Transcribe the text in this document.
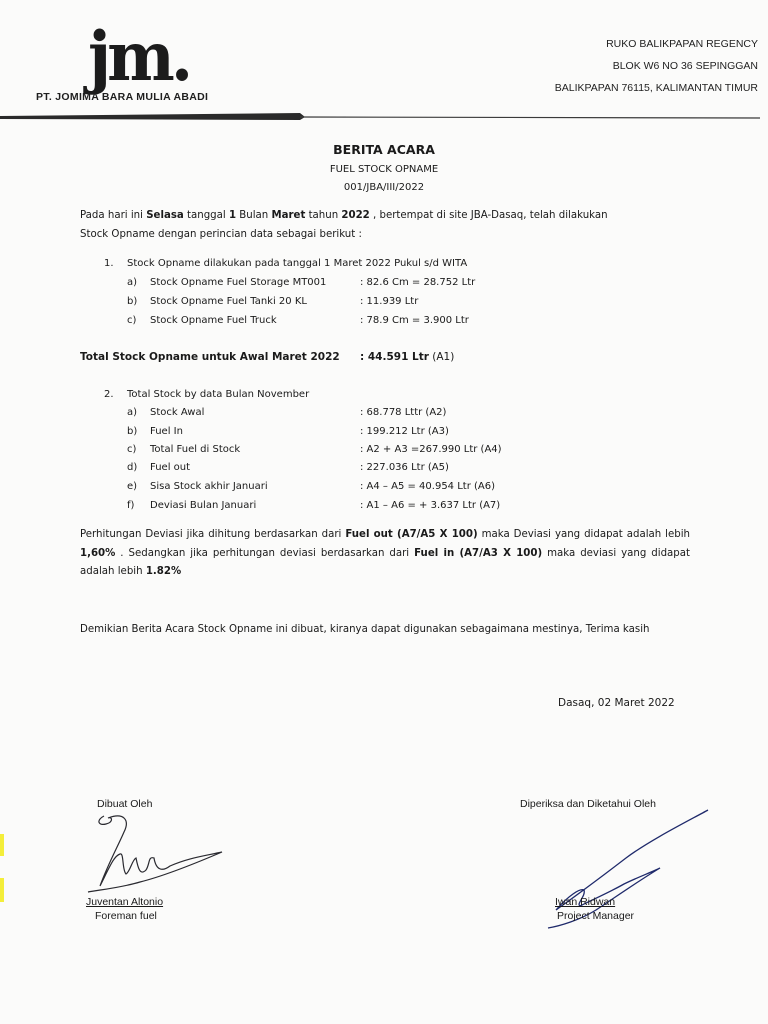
jm.
PT. JOMIMA BARA MULIA ABADI
RUKO BALIKPAPAN REGENCY
BLOK W6 NO 36 SEPINGGAN
BALIKPAPAN 76115, KALIMANTAN TIMUR
BERITA ACARA
FUEL STOCK OPNAME
001/JBA/III/2022
Pada hari ini Selasa tanggal 1 Bulan Maret tahun 2022 , bertempat di site JBA-Dasaq, telah dilakukan
Stock Opname dengan perincian data sebagai berikut :
1. Stock Opname dilakukan pada tanggal 1 Maret 2022 Pukul s/d WITA
a) Stock Opname Fuel Storage MT001	: 82.6 Cm = 28.752 Ltr
b) Stock Opname Fuel Tanki 20 KL	: 11.939 Ltr
c) Stock Opname Fuel Truck	: 78.9 Cm = 3.900 Ltr
Total Stock Opname untuk Awal Maret 2022 : 44.591 Ltr (A1)
2. Total Stock by data Bulan November
a) Stock Awal	: 68.778 Lttr (A2)
b) Fuel In	: 199.212 Ltr (A3)
c) Total Fuel di Stock	: A2 + A3 =267.990 Ltr (A4)
d) Fuel out	: 227.036 Ltr (A5)
e) Sisa Stock akhir Januari	: A4 – A5 = 40.954 Ltr (A6)
f) Deviasi Bulan Januari	: A1 – A6 = + 3.637 Ltr (A7)
Perhitungan Deviasi jika dihitung berdasarkan dari Fuel out (A7/A5 X 100) maka Deviasi yang didapat adalah lebih 1,60% . Sedangkan jika perhitungan deviasi berdasarkan dari Fuel in (A7/A3 X 100) maka deviasi yang didapat adalah lebih 1.82%
Demikian Berita Acara Stock Opname ini dibuat, kiranya dapat digunakan sebagaimana mestinya, Terima kasih
Dasaq, 02 Maret 2022
Dibuat Oleh
Juventan Altonio
Foreman fuel
Diperiksa dan Diketahui Oleh
Iwan Ridwan
Project Manager
